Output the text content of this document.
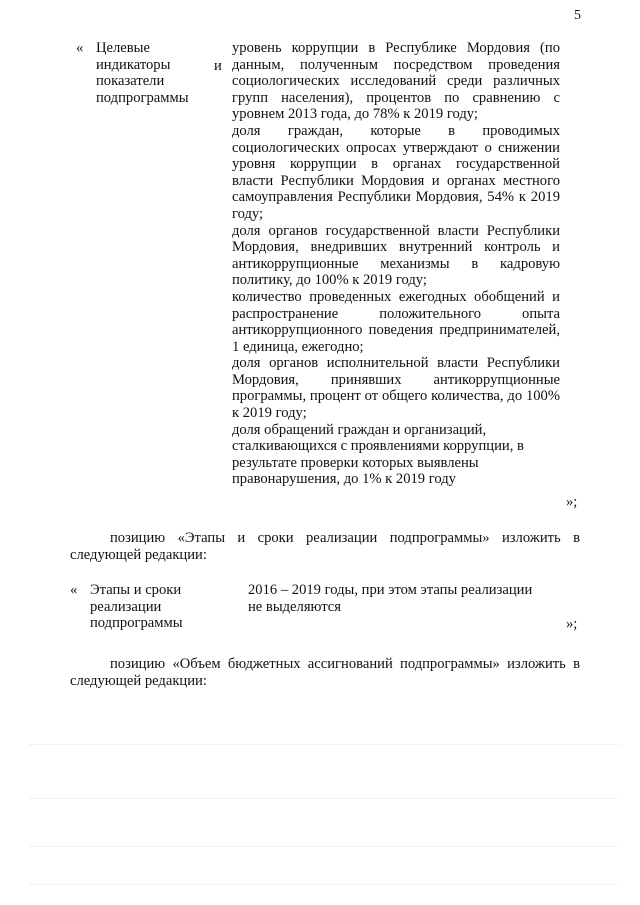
5
« Целевые
индикаторы
показатели
подпрограммы
и

уровень коррупции в Республике Мордовия (по данным, полученным посредством проведения социологических исследований среди различных групп населения), процентов по сравнению с уровнем 2013 года, до 78% к 2019 году;

доля граждан, которые в проводимых социологических опросах утверждают о снижении уровня коррупции в органах государственной власти Республики Мордовия и органах местного самоуправления Республики Мордовия, 54% к 2019 году;

доля органов государственной власти Республики Мордовия, внедривших внутренний контроль и антикоррупционные механизмы в кадровую политику, до 100% к 2019 году;

количество проведенных ежегодных обобщений и распространение положительного опыта антикоррупционного поведения предпринимателей, 1 единица, ежегодно;

доля органов исполнительной власти Республики Мордовия, принявших антикоррупционные программы, процент от общего количества, до 100% к 2019 году;

доля обращений граждан и организаций, сталкивающихся с проявлениями коррупции, в результате проверки которых выявлены правонарушения, до 1% к 2019 году

»;

позицию «Этапы и сроки реализации подпрограммы» изложить в следующей редакции:

« Этапы и сроки
реализации
подпрограммы
2016 – 2019 годы, при этом этапы реализации
не выделяются
»;

позицию «Объем бюджетных ассигнований подпрограммы» изложить в следующей редакции:
